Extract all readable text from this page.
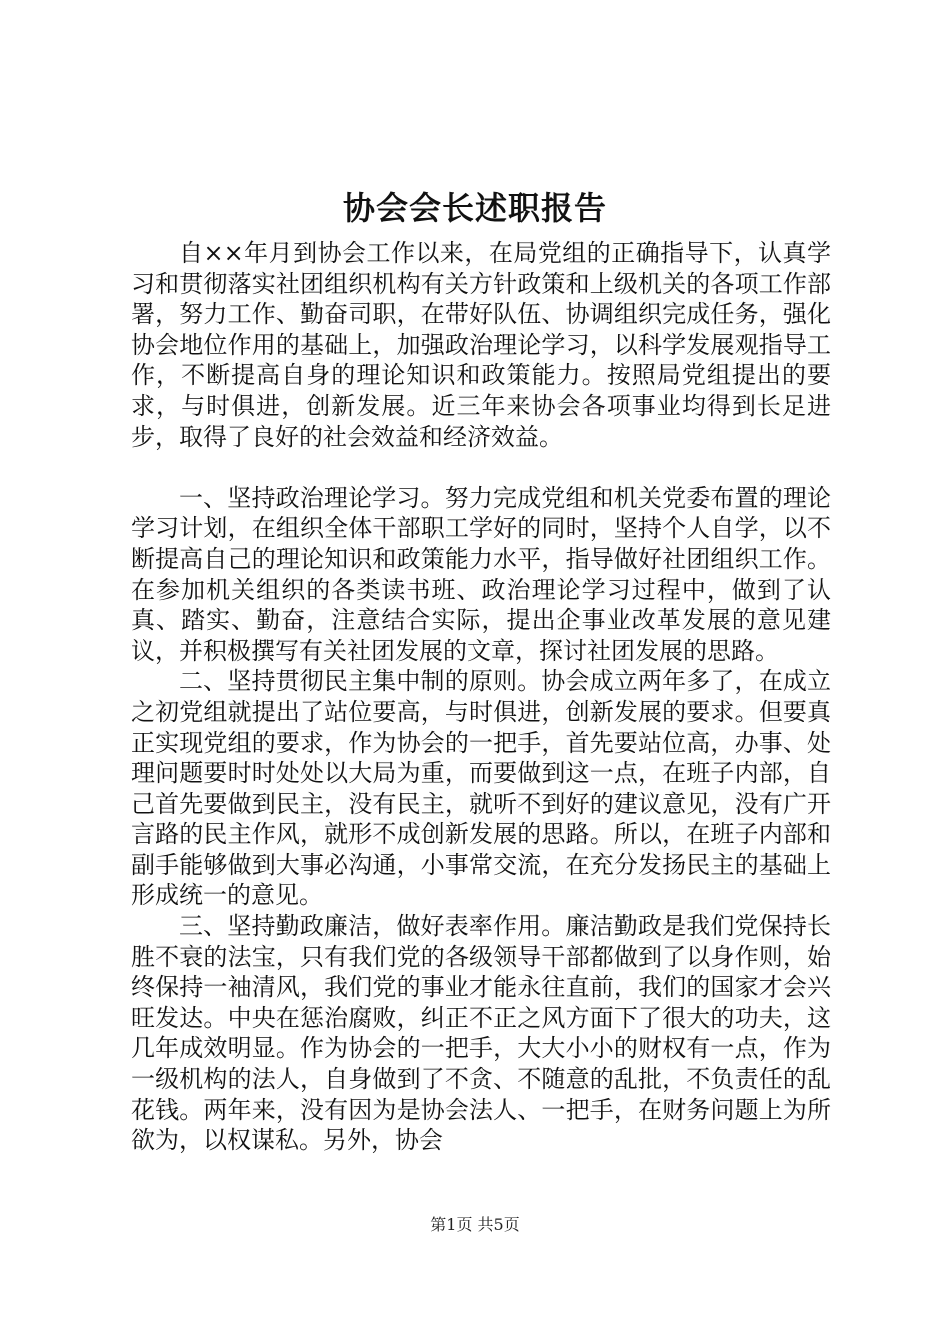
协会会长述职报告

自××年月到协会工作以来，在局党组的正确指导下，认真学习和贯彻落实社团组织机构有关方针政策和上级机关的各项工作部署，努力工作、勤奋司职，在带好队伍、协调组织完成任务，强化协会地位作用的基础上，加强政治理论学习，以科学发展观指导工作，不断提高自身的理论知识和政策能力。按照局党组提出的要求，与时俱进，创新发展。近三年来协会各项事业均得到长足进步，取得了良好的社会效益和经济效益。

一、坚持政治理论学习。努力完成党组和机关党委布置的理论学习计划，在组织全体干部职工学好的同时，坚持个人自学，以不断提高自己的理论知识和政策能力水平，指导做好社团组织工作。在参加机关组织的各类读书班、政治理论学习过程中，做到了认真、踏实、勤奋，注意结合实际，提出企事业改革发展的意见建议，并积极撰写有关社团发展的文章，探讨社团发展的思路。

二、坚持贯彻民主集中制的原则。协会成立两年多了，在成立之初党组就提出了站位要高，与时俱进，创新发展的要求。但要真正实现党组的要求，作为协会的一把手，首先要站位高，办事、处理问题要时时处处以大局为重，而要做到这一点，在班子内部，自己首先要做到民主，没有民主，就听不到好的建议意见，没有广开言路的民主作风，就形不成创新发展的思路。所以，在班子内部和副手能够做到大事必沟通，小事常交流，在充分发扬民主的基础上形成统一的意见。

三、坚持勤政廉洁，做好表率作用。廉洁勤政是我们党保持长胜不衰的法宝，只有我们党的各级领导干部都做到了以身作则，始终保持一袖清风，我们党的事业才能永往直前，我们的国家才会兴旺发达。中央在惩治腐败，纠正不正之风方面下了很大的功夫，这几年成效明显。作为协会的一把手，大大小小的财权有一点，作为一级机构的法人，自身做到了不贪、不随意的乱批，不负责任的乱花钱。两年来，没有因为是协会法人、一把手，在财务问题上为所欲为，以权谋私。另外，协会

第1页 共5页
